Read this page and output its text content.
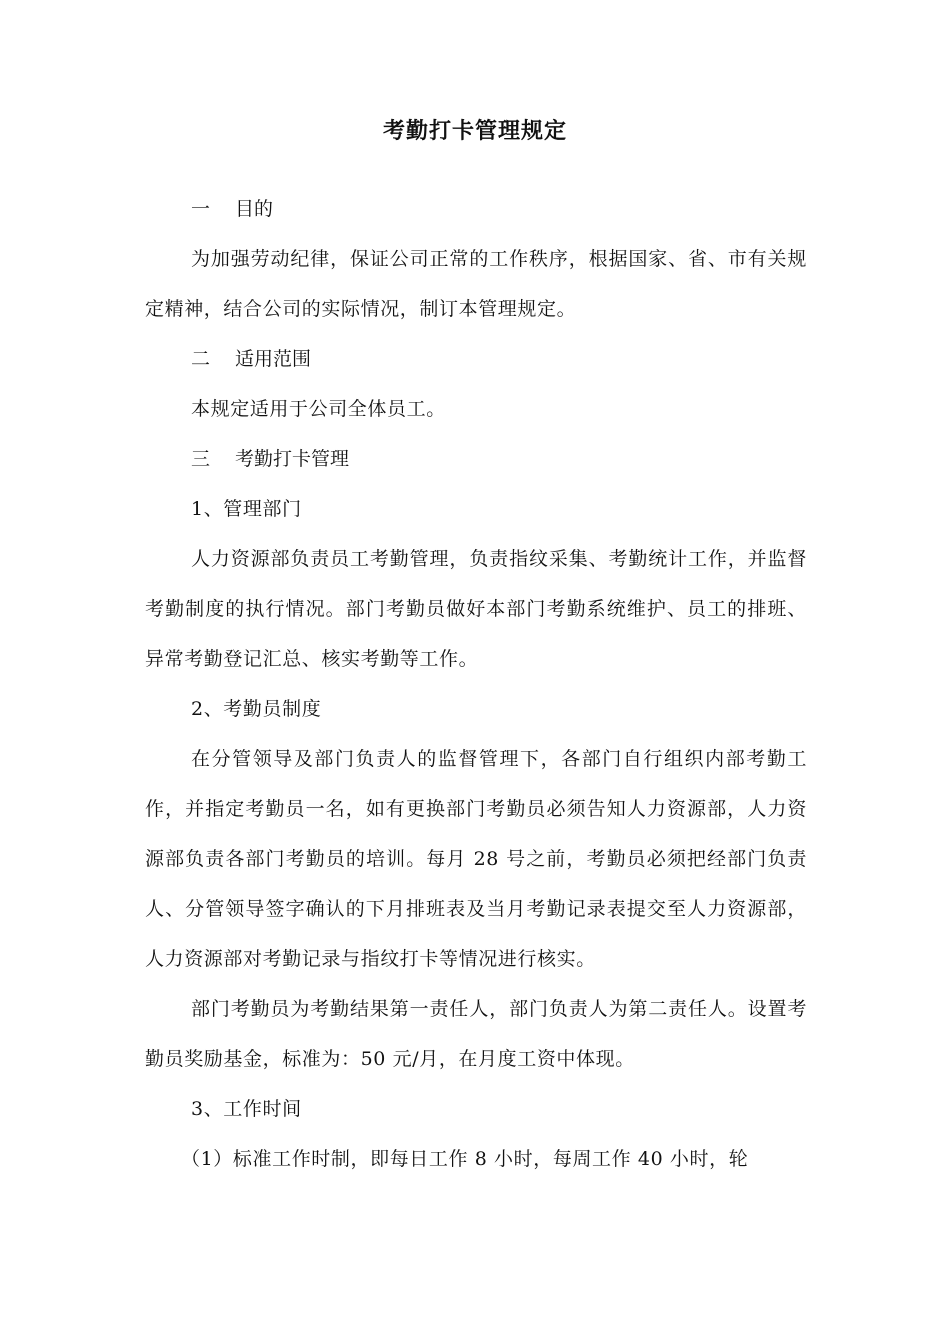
考勤打卡管理规定

一 目的

为加强劳动纪律，保证公司正常的工作秩序，根据国家、省、市有关规定精神，结合公司的实际情况，制订本管理规定。

二 适用范围

本规定适用于公司全体员工。

三 考勤打卡管理

1、管理部门

人力资源部负责员工考勤管理，负责指纹采集、考勤统计工作，并监督考勤制度的执行情况。部门考勤员做好本部门考勤系统维护、员工的排班、异常考勤登记汇总、核实考勤等工作。

2、考勤员制度

在分管领导及部门负责人的监督管理下，各部门自行组织内部考勤工作，并指定考勤员一名，如有更换部门考勤员必须告知人力资源部，人力资源部负责各部门考勤员的培训。每月 28 号之前，考勤员必须把经部门负责人、分管领导签字确认的下月排班表及当月考勤记录表提交至人力资源部，人力资源部对考勤记录与指纹打卡等情况进行核实。

部门考勤员为考勤结果第一责任人，部门负责人为第二责任人。设置考勤员奖励基金，标准为：50 元/月，在月度工资中体现。

3、工作时间

（1）标准工作时制，即每日工作 8 小时，每周工作 40 小时，轮
